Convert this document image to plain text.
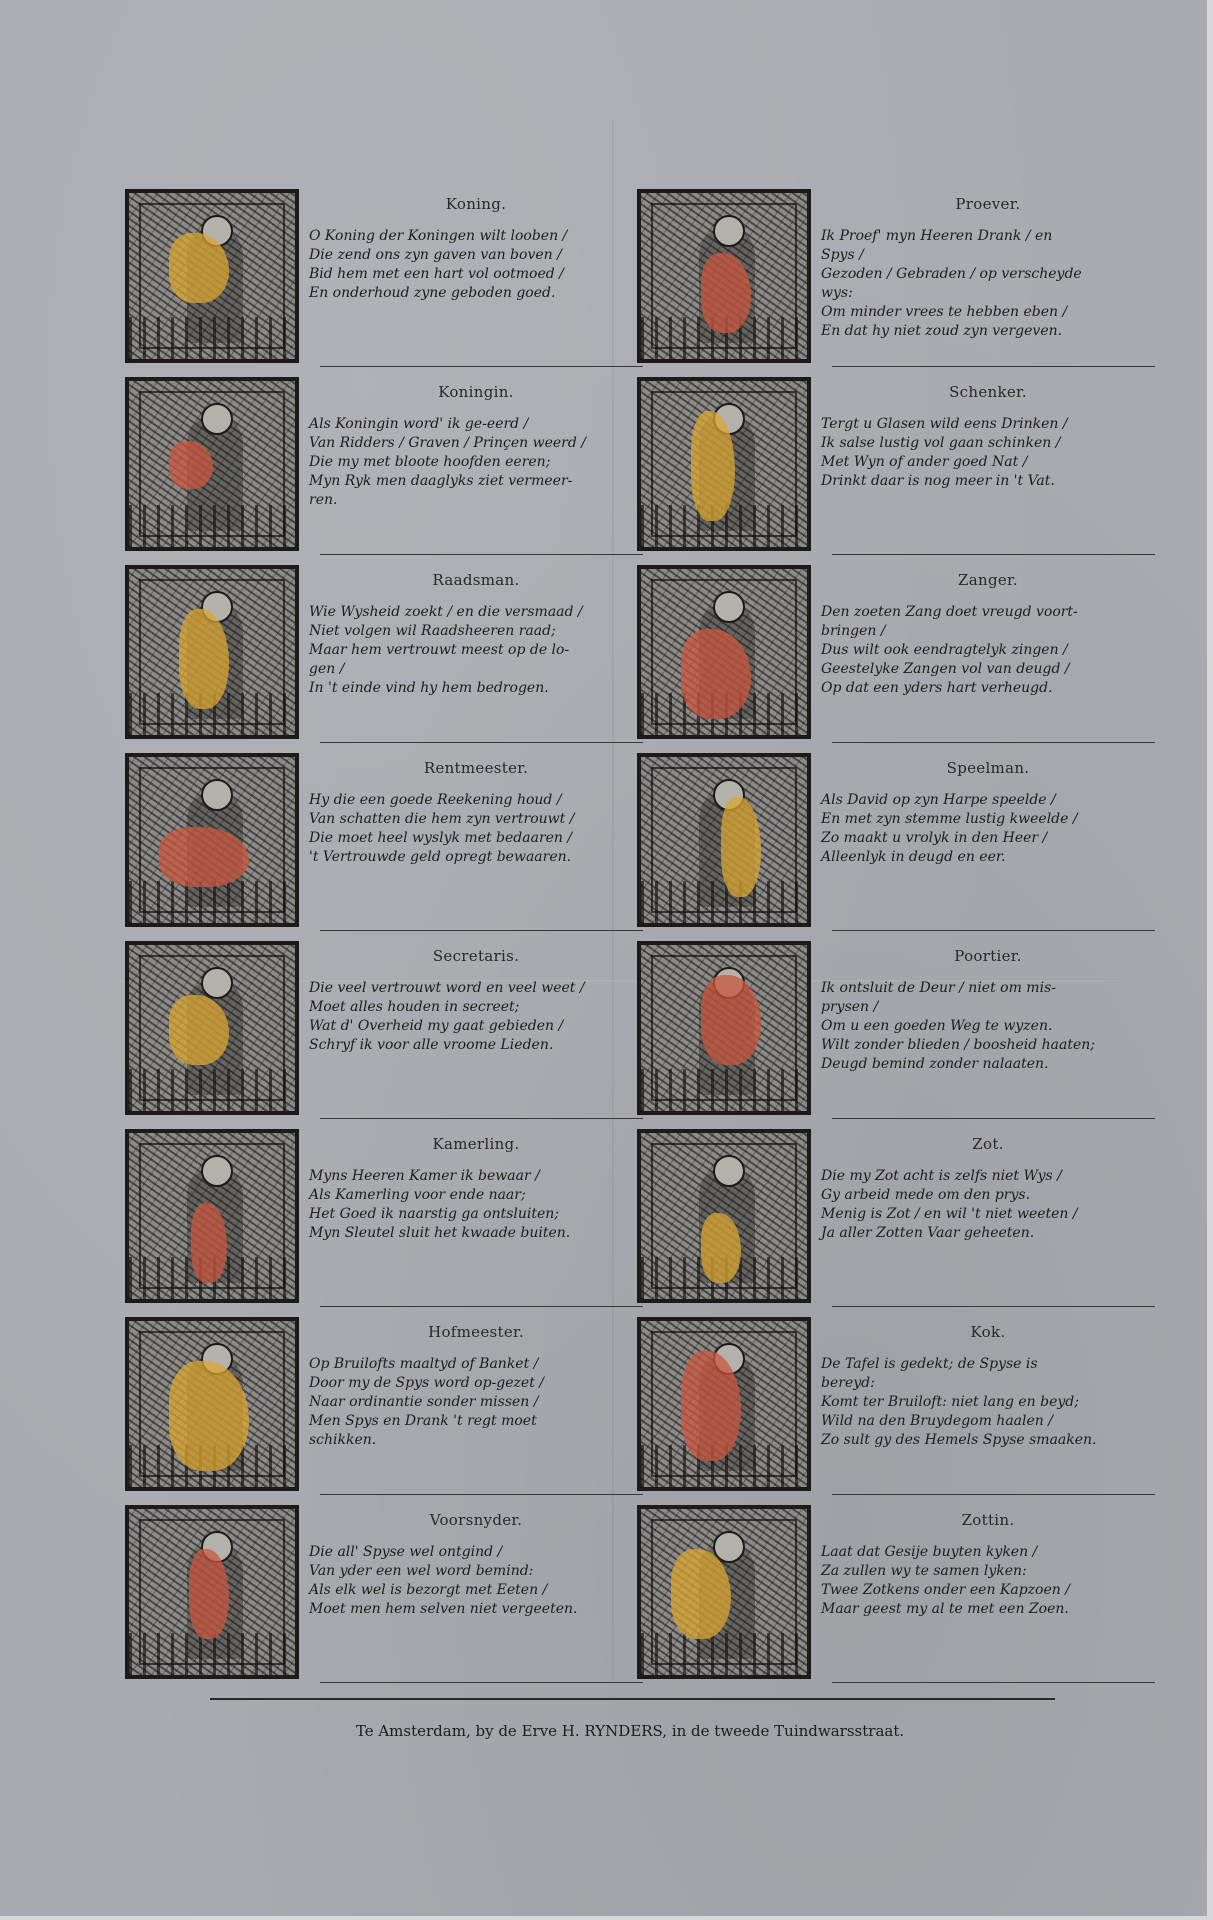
Koning.
O Koning der Koningen wilt looben /
Die zend ons zyn gaven van boven /
Bid hem met een hart vol ootmoed /
En onderhoud zyne geboden goed.
Koningin.
Als Koningin word' ik ge-eerd /
Van Ridders / Graven / Prinçen weerd /
Die my met bloote hoofden eeren;
Myn Ryk men daaglyks ziet vermeer-
ren.
Raadsman.
Wie Wysheid zoekt / en die versmaad /
Niet volgen wil Raadsheeren raad;
Maar hem vertrouwt meest op de lo-
gen /
In 't einde vind hy hem bedrogen.
Rentmeester.
Hy die een goede Reekening houd /
Van schatten die hem zyn vertrouwt /
Die moet heel wyslyk met bedaaren /
't Vertrouwde geld opregt bewaaren.
Secretaris.
Die veel vertrouwt word en veel weet /
Moet alles houden in secreet;
Wat d' Overheid my gaat gebieden /
Schryf ik voor alle vroome Lieden.
Kamerling.
Myns Heeren Kamer ik bewaar /
Als Kamerling voor ende naar;
Het Goed ik naarstig ga ontsluiten;
Myn Sleutel sluit het kwaade buiten.
Hofmeester.
Op Bruilofts maaltyd of Banket /
Door my de Spys word op-gezet /
Naar ordinantie sonder missen /
Men Spys en Drank 't regt moet
schikken.
Voorsnyder.
Die all' Spyse wel ontgind /
Van yder een wel word bemind:
Als elk wel is bezorgt met Eeten /
Moet men hem selven niet vergeeten.
Proever.
Ik Proef' myn Heeren Drank / en
Spys /
Gezoden / Gebraden / op verscheyde
wys:
Om minder vrees te hebben eben /
En dat hy niet zoud zyn vergeven.
Schenker.
Tergt u Glasen wild eens Drinken /
Ik salse lustig vol gaan schinken /
Met Wyn of ander goed Nat /
Drinkt daar is nog meer in 't Vat.
Zanger.
Den zoeten Zang doet vreugd voort-
bringen /
Dus wilt ook eendragtelyk zingen /
Geestelyke Zangen vol van deugd /
Op dat een yders hart verheugd.
Speelman.
Als David op zyn Harpe speelde /
En met zyn stemme lustig kweelde /
Zo maakt u vrolyk in den Heer /
Alleenlyk in deugd en eer.
Poortier.
Ik ontsluit de Deur / niet om mis-
prysen /
Om u een goeden Weg te wyzen.
Wilt zonder blieden / boosheid haaten;
Deugd bemind zonder nalaaten.
Zot.
Die my Zot acht is zelfs niet Wys /
Gy arbeid mede om den prys.
Menig is Zot / en wil 't niet weeten /
Ja aller Zotten Vaar geheeten.
Kok.
De Tafel is gedekt; de Spyse is
bereyd:
Komt ter Bruiloft: niet lang en beyd;
Wild na den Bruydegom haalen /
Zo sult gy des Hemels Spyse smaaken.
Zottin.
Laat dat Gesije buyten kyken /
Za zullen wy te samen lyken:
Twee Zotkens onder een Kapzoen /
Maar geest my al te met een Zoen.
Te Amsterdam, by de Erve H. RYNDERS, in de tweede Tuindwarsstraat.
